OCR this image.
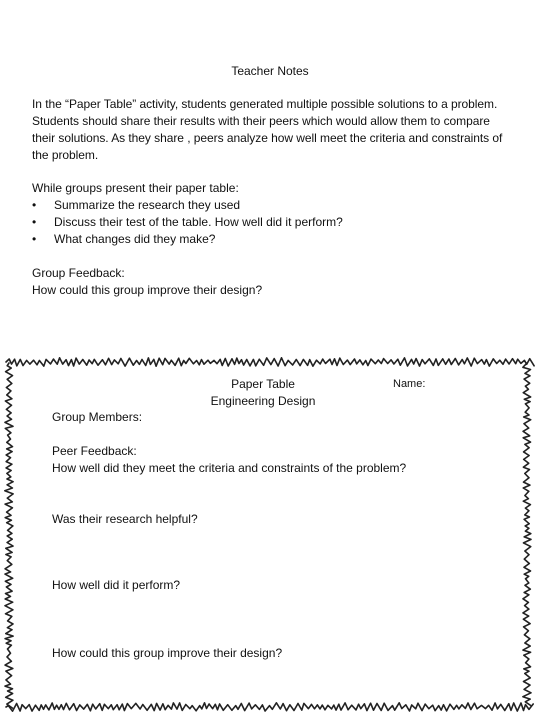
Teacher Notes

In the “Paper Table” activity, students generated multiple possible solutions to a problem. Students should share their results with their peers which would allow them to compare their solutions. As they share , peers analyze how well meet the criteria and constraints of the problem.

While groups present their paper table:
• Summarize the research they used
• Discuss their test of the table. How well did it perform?
• What changes did they make?
Group Feedback:
How could this group improve their design?
Paper Table
Engineering Design
Name:
Group Members:
Peer Feedback:
How well did they meet the criteria and constraints of the problem?
Was their research helpful?
How well did it perform?
How could this group improve their design?
